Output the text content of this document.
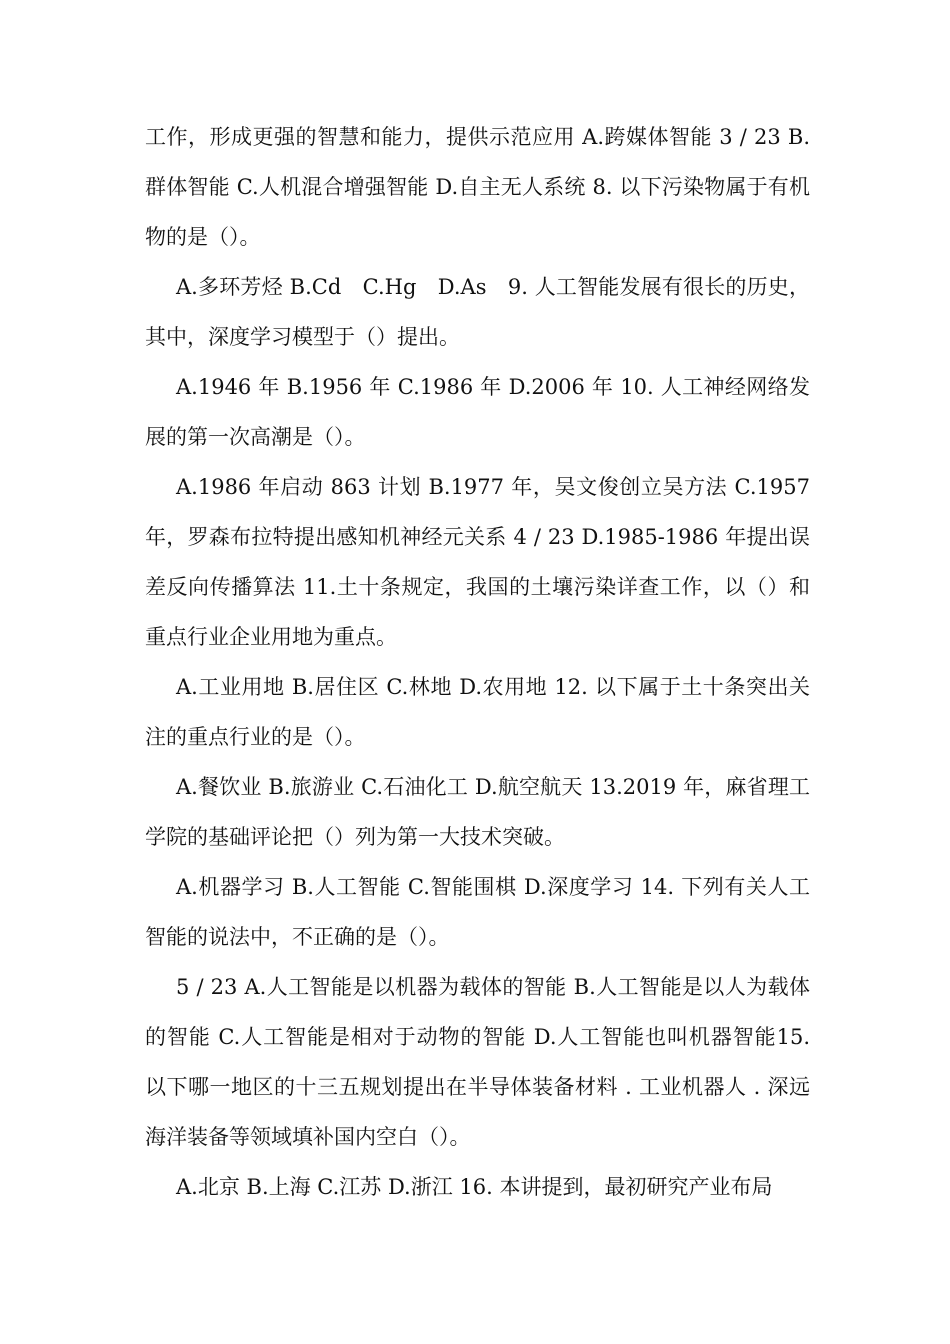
工作，形成更强的智慧和能力，提供示范应用 A.跨媒体智能 3 / 23 B.群体智能 C.人机混合增强智能 D.自主无人系统 8. 以下污染物属于有机物的是（）。

A.多环芳烃 B.Cd　C.Hg　D.As　9. 人工智能发展有很长的历史，其中，深度学习模型于（）提出。

A.1946 年 B.1956 年 C.1986 年 D.2006 年 10. 人工神经网络发展的第一次高潮是（）。

A.1986 年启动 863 计划 B.1977 年，吴文俊创立吴方法 C.1957 年，罗森布拉特提出感知机神经元关系 4 / 23 D.1985-1986 年提出误差反向传播算法 11.土十条规定，我国的土壤污染详查工作，以（）和重点行业企业用地为重点。

A.工业用地 B.居住区 C.林地 D.农用地 12. 以下属于土十条突出关注的重点行业的是（）。

A.餐饮业 B.旅游业 C.石油化工 D.航空航天 13.2019 年，麻省理工学院的基础评论把（）列为第一大技术突破。

A.机器学习 B.人工智能 C.智能围棋 D.深度学习 14. 下列有关人工智能的说法中，不正确的是（）。

5 / 23 A.人工智能是以机器为载体的智能 B.人工智能是以人为载体的智能 C.人工智能是相对于动物的智能 D.人工智能也叫机器智能15. 以下哪一地区的十三五规划提出在半导体装备材料 . 工业机器人 . 深远海洋装备等领域填补国内空白（）。

A.北京 B.上海 C.江苏 D.浙江 16. 本讲提到，最初研究产业布局
